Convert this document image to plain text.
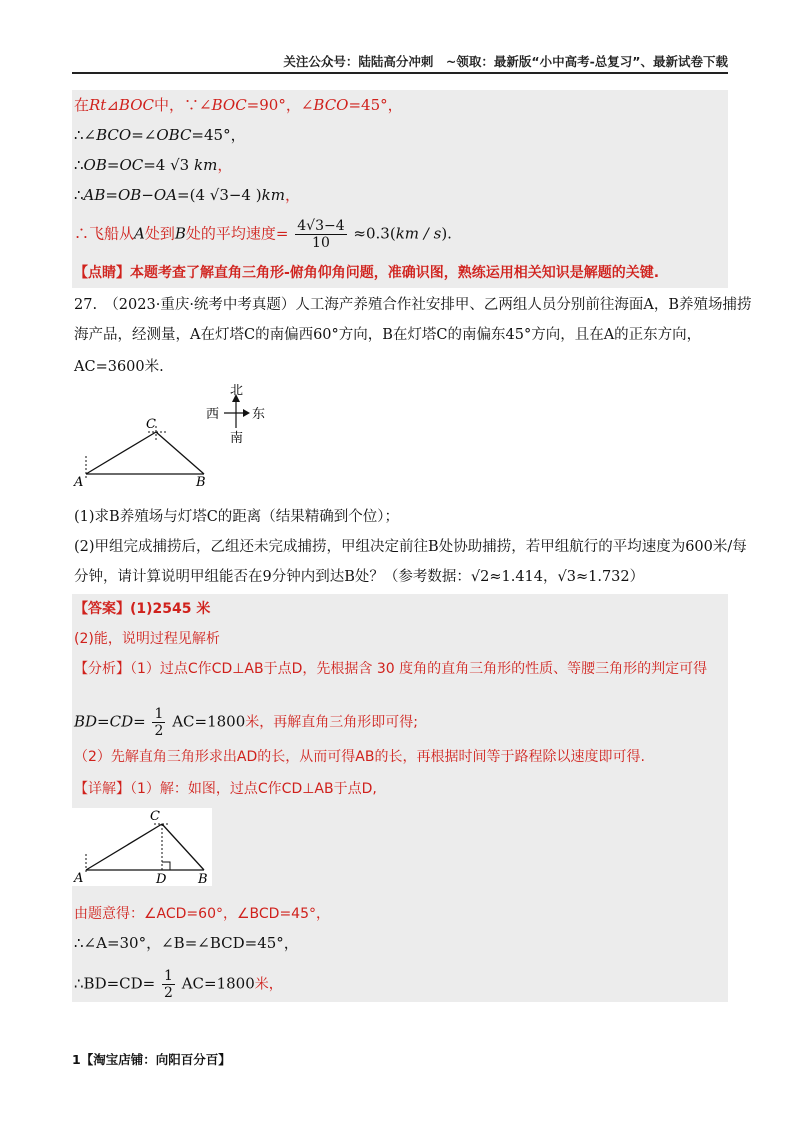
关注公众号：陆陆高分冲刺　~领取：最新版“小中高考-总复习”、最新试卷下载
在Rt⊿BOC中，∵∠BOC=90°，∠BCO=45°，
∴∠BCO=∠OBC=45°，
∴OB=OC=4 √3 km，
∴AB=OB−OA=(4 √3−4 )km，
∴飞船从A处到B处的平均速度= $\frac{4√3-4}{10} \approx 0.3(km / s)$.
【点睛】本题考查了解直角三角形-俯角仰角问题，准确识图，熟练运用相关知识是解题的关键.
27.　（2023·重庆·统考中考真题）人工海产养殖合作社安排甲、乙两组人员分别前往海面A，B养殖场捕捞
海产品，经测量，A在灯塔C的南偏西60°方向，B在灯塔C的南偏东45°方向，且在A的正东方向，
AC=3600米.
北
南
西	东
A	B
C
(1)求B养殖场与灯塔C的距离（结果精确到个位）；
(2)甲组完成捕捞后，乙组还未完成捕捞，甲组决定前往B处协助捕捞，若甲组航行的平均速度为600米/每
分钟，请计算说明甲组能否在9分钟内到达B处？（参考数据：√2≈1.414，√3≈1.732）
【答案】(1)2545 米
(2)能，说明过程见解析
【分析】（1）过点C作CD⊥AB于点D，先根据含 30 度角的直角三角形的性质、等腰三角形的判定可得
$BD=CD= \frac{1}{2} AC=1800$米，再解直角三角形即可得;
（2）先解直角三角形求出AD的长，从而可得AB的长，再根据时间等于路程除以速度即可得.
【详解】（1）解：如图，过点C作CD⊥AB于点D,
A	D B
C
由题意得：∠ACD=60°，∠BCD=45°，
∴∠A=30°，∠B=∠BCD=45°，
∴BD=CD= $\frac{1}{2} AC=1800$米，
1【淘宝店铺：向阳百分百】
